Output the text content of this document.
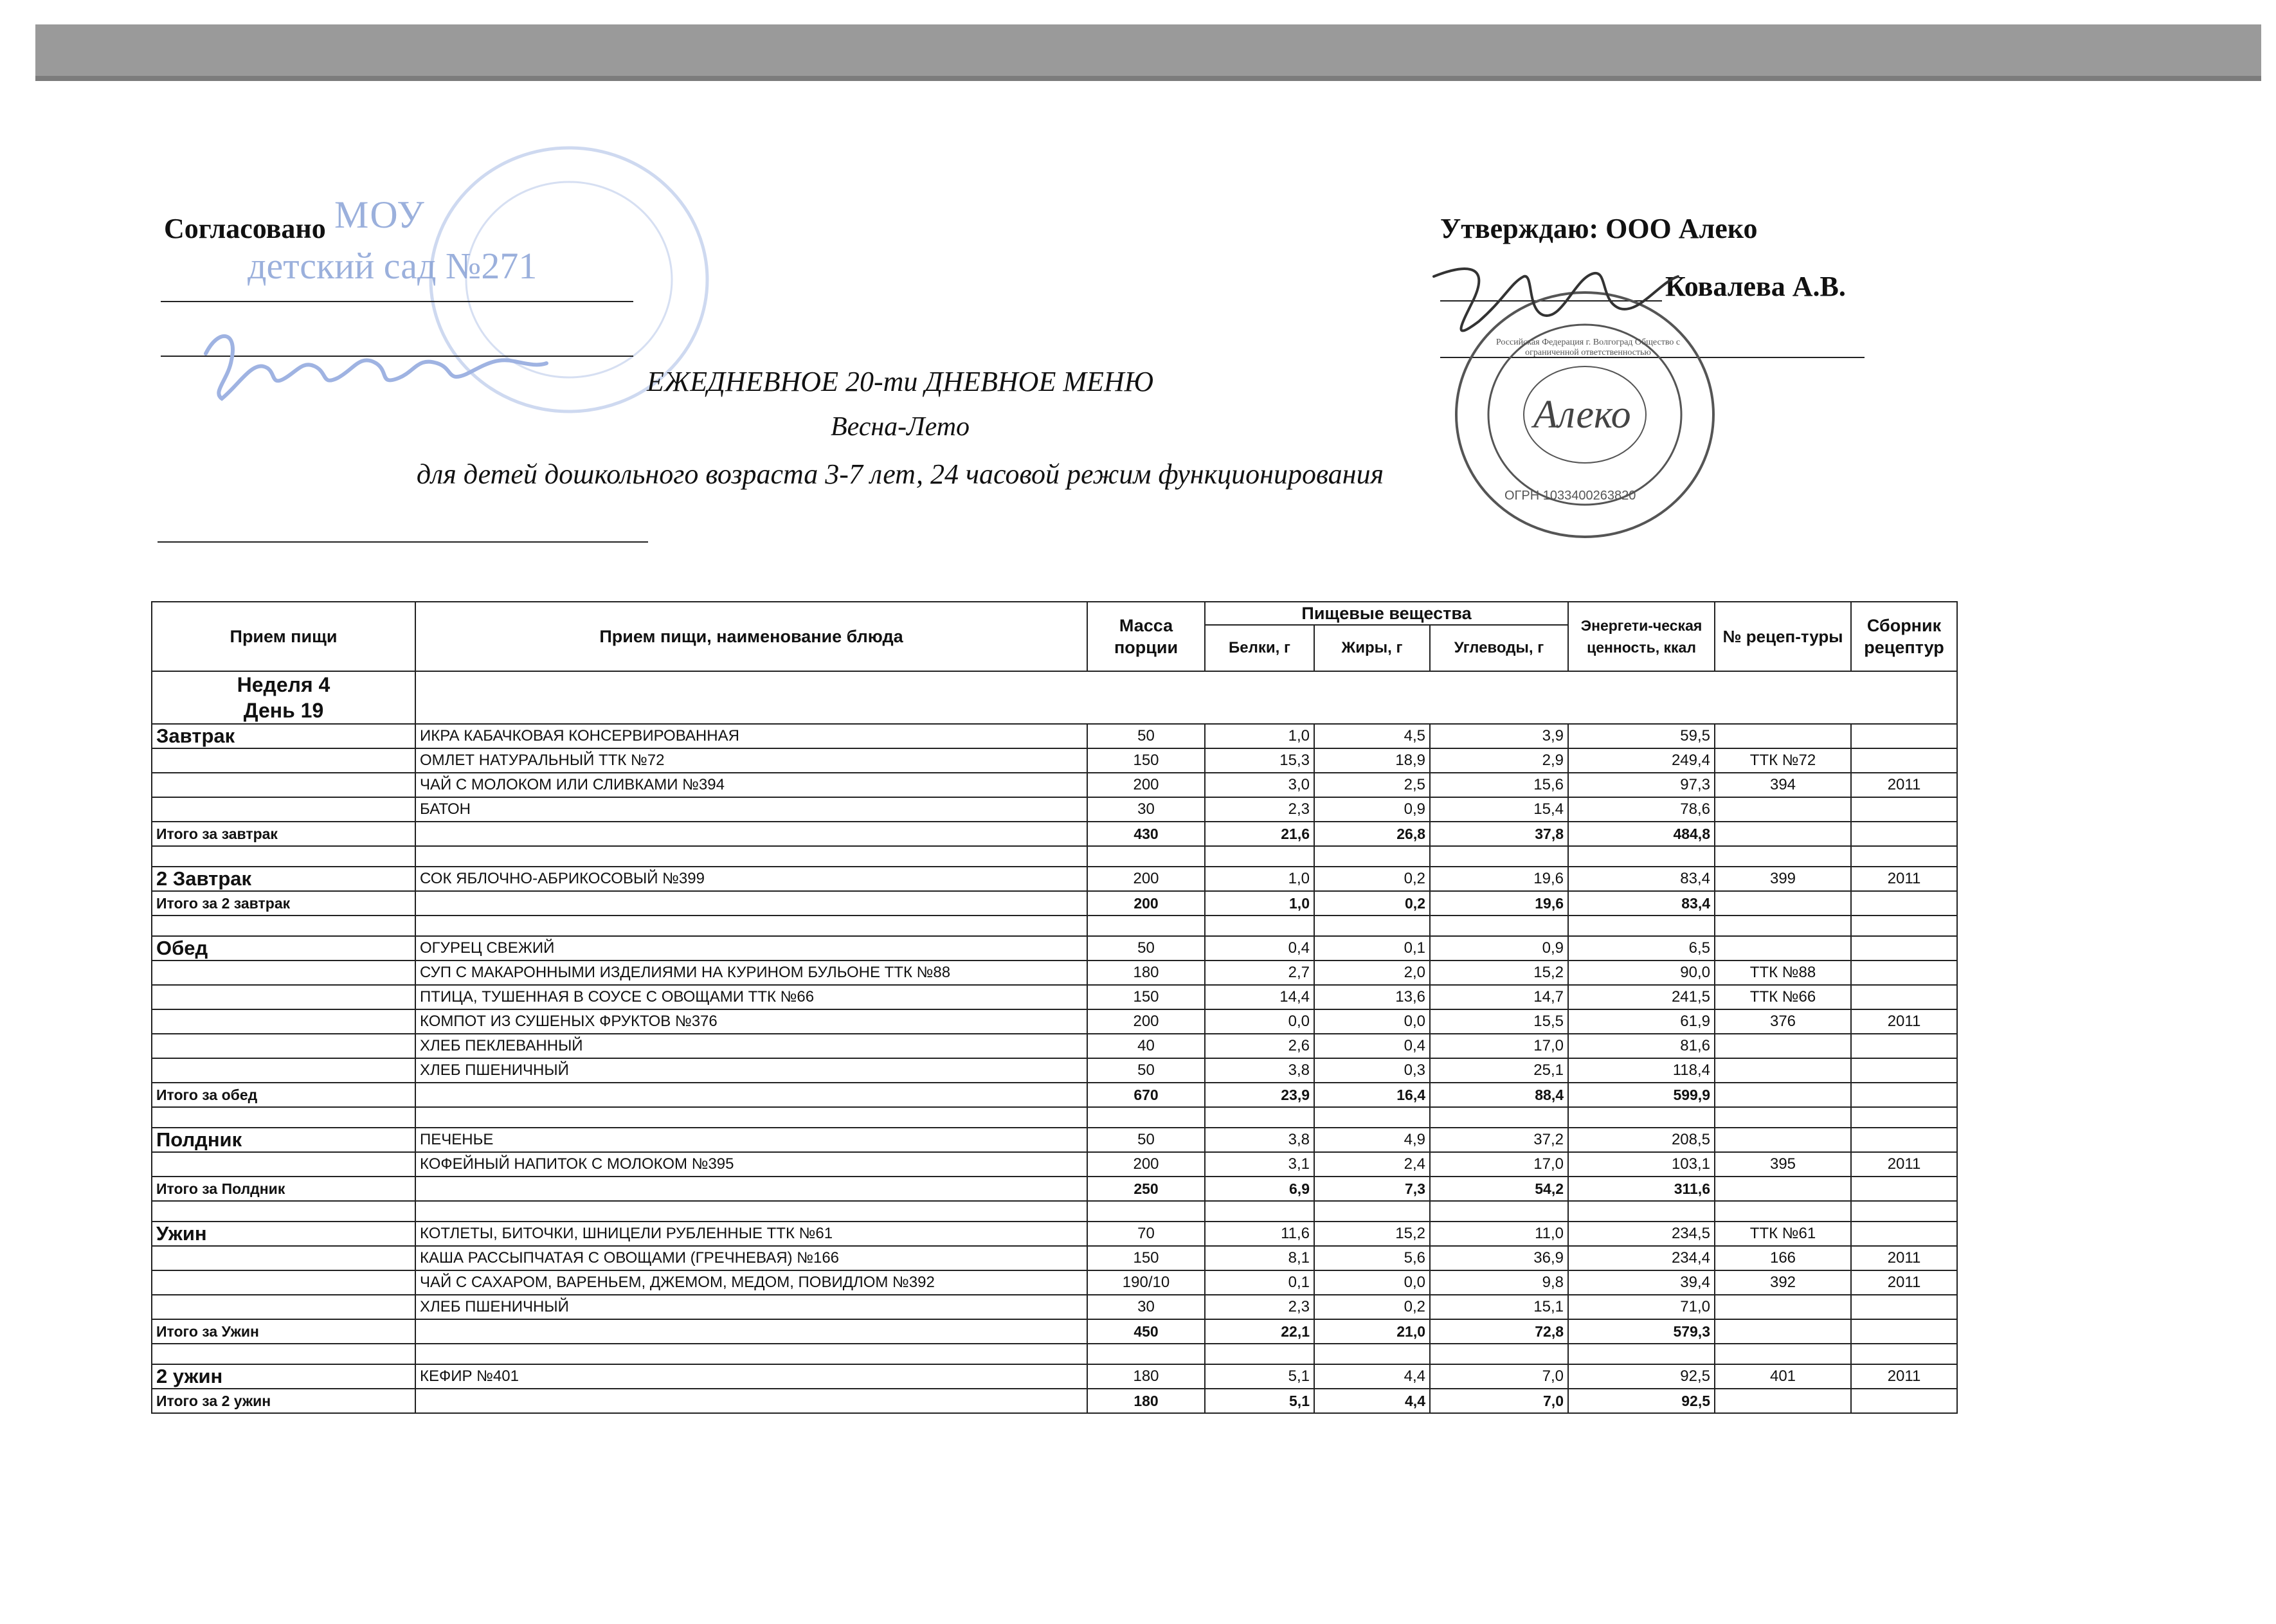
МОУ
детский сад №271
Согласовано	Утверждаю: ООО Алеко
Ковалева А.В.
Алеко
Российская Федерация г. Волгоград Общество с ограниченной ответственностью
ОГРН 1033400263820
ЕЖЕДНЕВНОЕ 20-ти ДНЕВНОЕ МЕНЮ
Весна-Лето
для детей дошкольного возраста 3-7 лет, 24 часовой режим функционирования
Прием пищи	Прием пищи, наименование блюда	Масса порции	Пищевые вещества			Энергети-ческая ценность, ккал	№ рецеп-туры	Сборник рецептур
			Белки, г	Жиры, г	Углеводы, г			

Неделя 4
День 19								

Завтрак	ИКРА КАБАЧКОВАЯ КОНСЕРВИРОВАННАЯ	50	1,0	4,5	3,9	59,5		
	ОМЛЕТ НАТУРАЛЬНЫЙ ТТК №72	150	15,3	18,9	2,9	249,4	ТТК №72	
	ЧАЙ С МОЛОКОМ ИЛИ СЛИВКАМИ №394	200	3,0	2,5	15,6	97,3	394	2011
	БАТОН	30	2,3	0,9	15,4	78,6		
Итого за завтрак		430	21,6	26,8	37,8	484,8		

2 Завтрак	СОК ЯБЛОЧНО-АБРИКОСОВЫЙ №399	200	1,0	0,2	19,6	83,4	399	2011
Итого за 2 завтрак		200	1,0	0,2	19,6	83,4		

Обед	ОГУРЕЦ СВЕЖИЙ	50	0,4	0,1	0,9	6,5		
	СУП С МАКАРОННЫМИ ИЗДЕЛИЯМИ НА КУРИНОМ БУЛЬОНЕ ТТК №88	180	2,7	2,0	15,2	90,0	ТТК №88	
	ПТИЦА, ТУШЕННАЯ В СОУСЕ С ОВОЩАМИ ТТК №66	150	14,4	13,6	14,7	241,5	ТТК №66	
	КОМПОТ ИЗ СУШЕНЫХ ФРУКТОВ №376	200	0,0	0,0	15,5	61,9	376	2011
	ХЛЕБ ПЕКЛЕВАННЫЙ	40	2,6	0,4	17,0	81,6		
	ХЛЕБ ПШЕНИЧНЫЙ	50	3,8	0,3	25,1	118,4		
Итого за обед		670	23,9	16,4	88,4	599,9		

Полдник	ПЕЧЕНЬЕ	50	3,8	4,9	37,2	208,5		
	КОФЕЙНЫЙ НАПИТОК С МОЛОКОМ №395	200	3,1	2,4	17,0	103,1	395	2011
Итого за Полдник		250	6,9	7,3	54,2	311,6		

Ужин	КОТЛЕТЫ, БИТОЧКИ, ШНИЦЕЛИ РУБЛЕННЫЕ ТТК №61	70	11,6	15,2	11,0	234,5	ТТК №61	
	КАША РАССЫПЧАТАЯ С ОВОЩАМИ (ГРЕЧНЕВАЯ) №166	150	8,1	5,6	36,9	234,4	166	2011
	ЧАЙ С САХАРОМ, ВАРЕНЬЕМ, ДЖЕМОМ, МЕДОМ, ПОВИДЛОМ №392	190/10	0,1	0,0	9,8	39,4	392	2011
	ХЛЕБ ПШЕНИЧНЫЙ	30	2,3	0,2	15,1	71,0		
Итого за Ужин		450	22,1	21,0	72,8	579,3		

2 ужин	КЕФИР №401	180	5,1	4,4	7,0	92,5	401	2011
Итого за 2 ужин		180	5,1	4,4	7,0	92,5		
